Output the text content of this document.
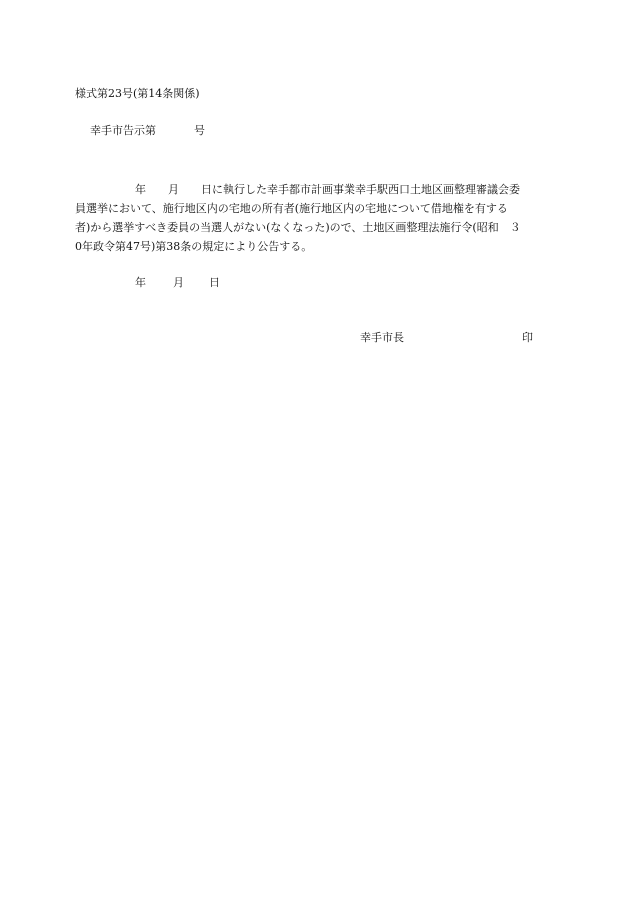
様式第23号(第14条関係)
幸手市告示第	号

年　　月　　日に執行した幸手都市計画事業幸手駅西口土地区画整理審議会委

員選挙において、施行地区内の宅地の所有者(施行地区内の宅地について借地権を有する

者)から選挙すべき委員の当選人がない(なくなった)ので、土地区画整理法施行令(昭和　３

0年政令第47号)第38条の規定により公告する。

年 月 日
幸手市長	印
